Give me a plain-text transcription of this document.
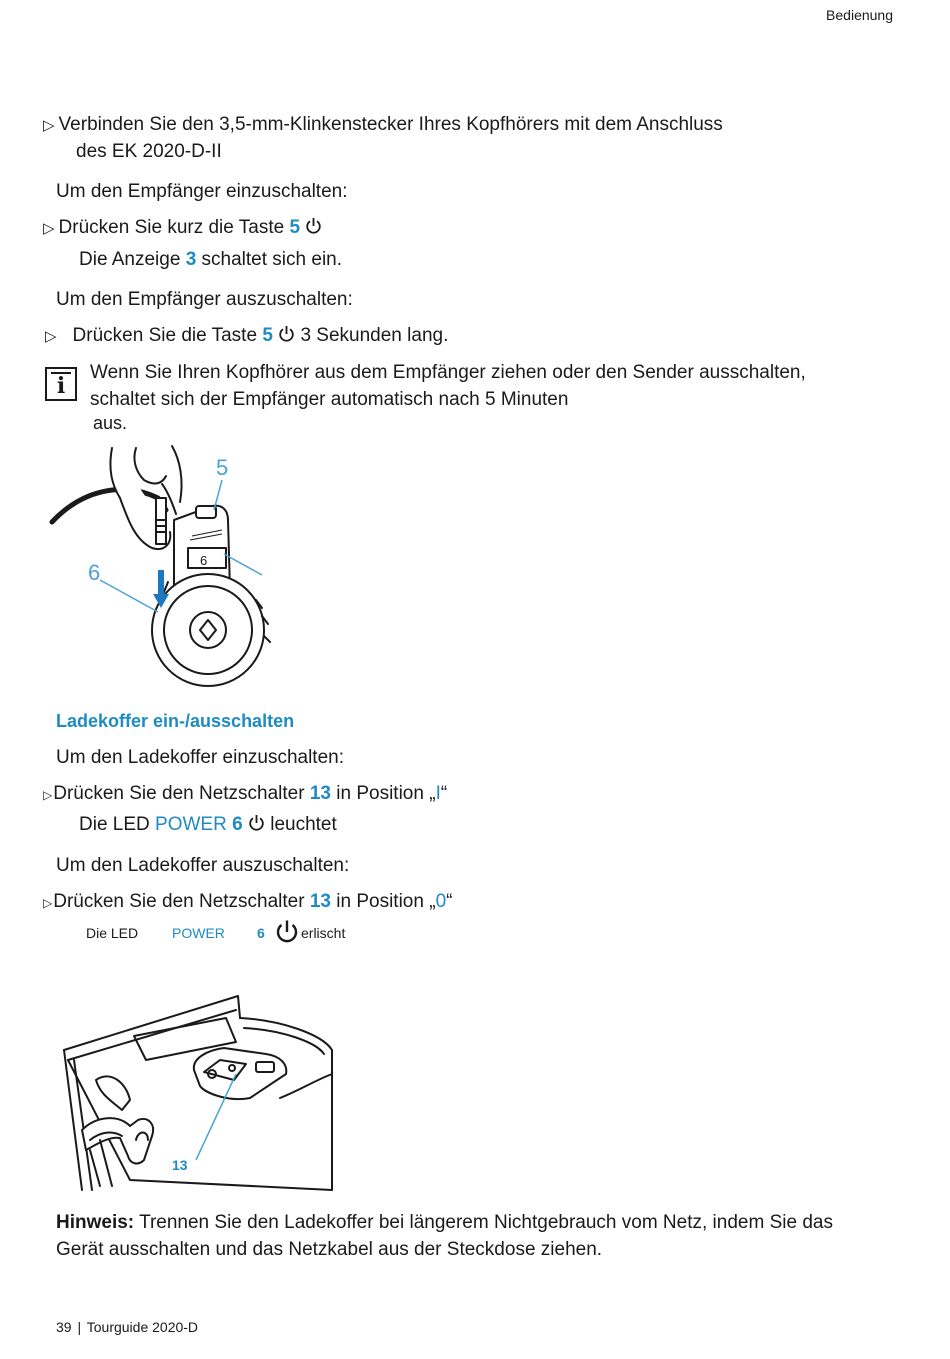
Bedienung
▷ Verbinden Sie den 3,5-mm-Klinkenstecker Ihres Kopfhörers mit dem Anschluss
des EK 2020-D-II
Um den Empfänger einzuschalten:
▷ Drücken Sie kurz die Taste 5
Die Anzeige 3 schaltet sich ein.
Um den Empfänger auszuschalten:
▷ Drücken Sie die Taste 5 3 Sekunden lang.
i
Wenn Sie Ihren Kopfhörer aus dem Empfänger ziehen oder den Sender ausschalten,
schaltet sich der Empfänger automatisch nach 5 Minuten
aus.
5
6	6
Ladekoffer ein-/ausschalten
Um den Ladekoffer einzuschalten:
▷Drücken Sie den Netzschalter 13 in Position „I“
Die LED POWER 6 leuchtet
Um den Ladekoffer auszuschalten:
▷Drücken Sie den Netzschalter 13 in Position „0“
Die LED POWER 6	erlischt
13
Hinweis: Trennen Sie den Ladekoffer bei längerem Nichtgebrauch vom Netz, indem Sie das
Gerät ausschalten und das Netzkabel aus der Steckdose ziehen.
39 | Tourguide 2020-D
